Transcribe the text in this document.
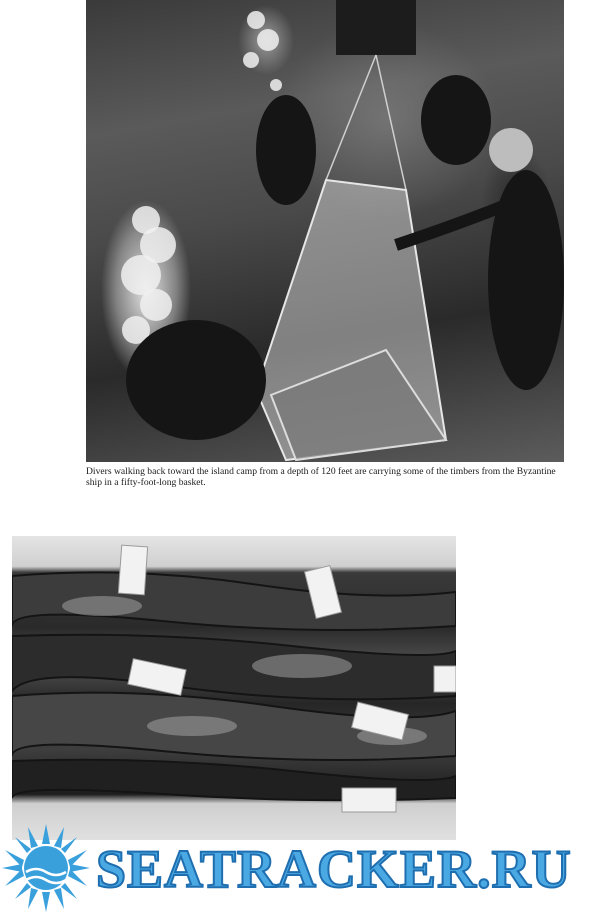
Divers walking back toward the island camp from a depth of 120 feet are carrying some of the timbers from the Byzantine ship in a fifty-foot-long basket.

SEATRACKER.RU
